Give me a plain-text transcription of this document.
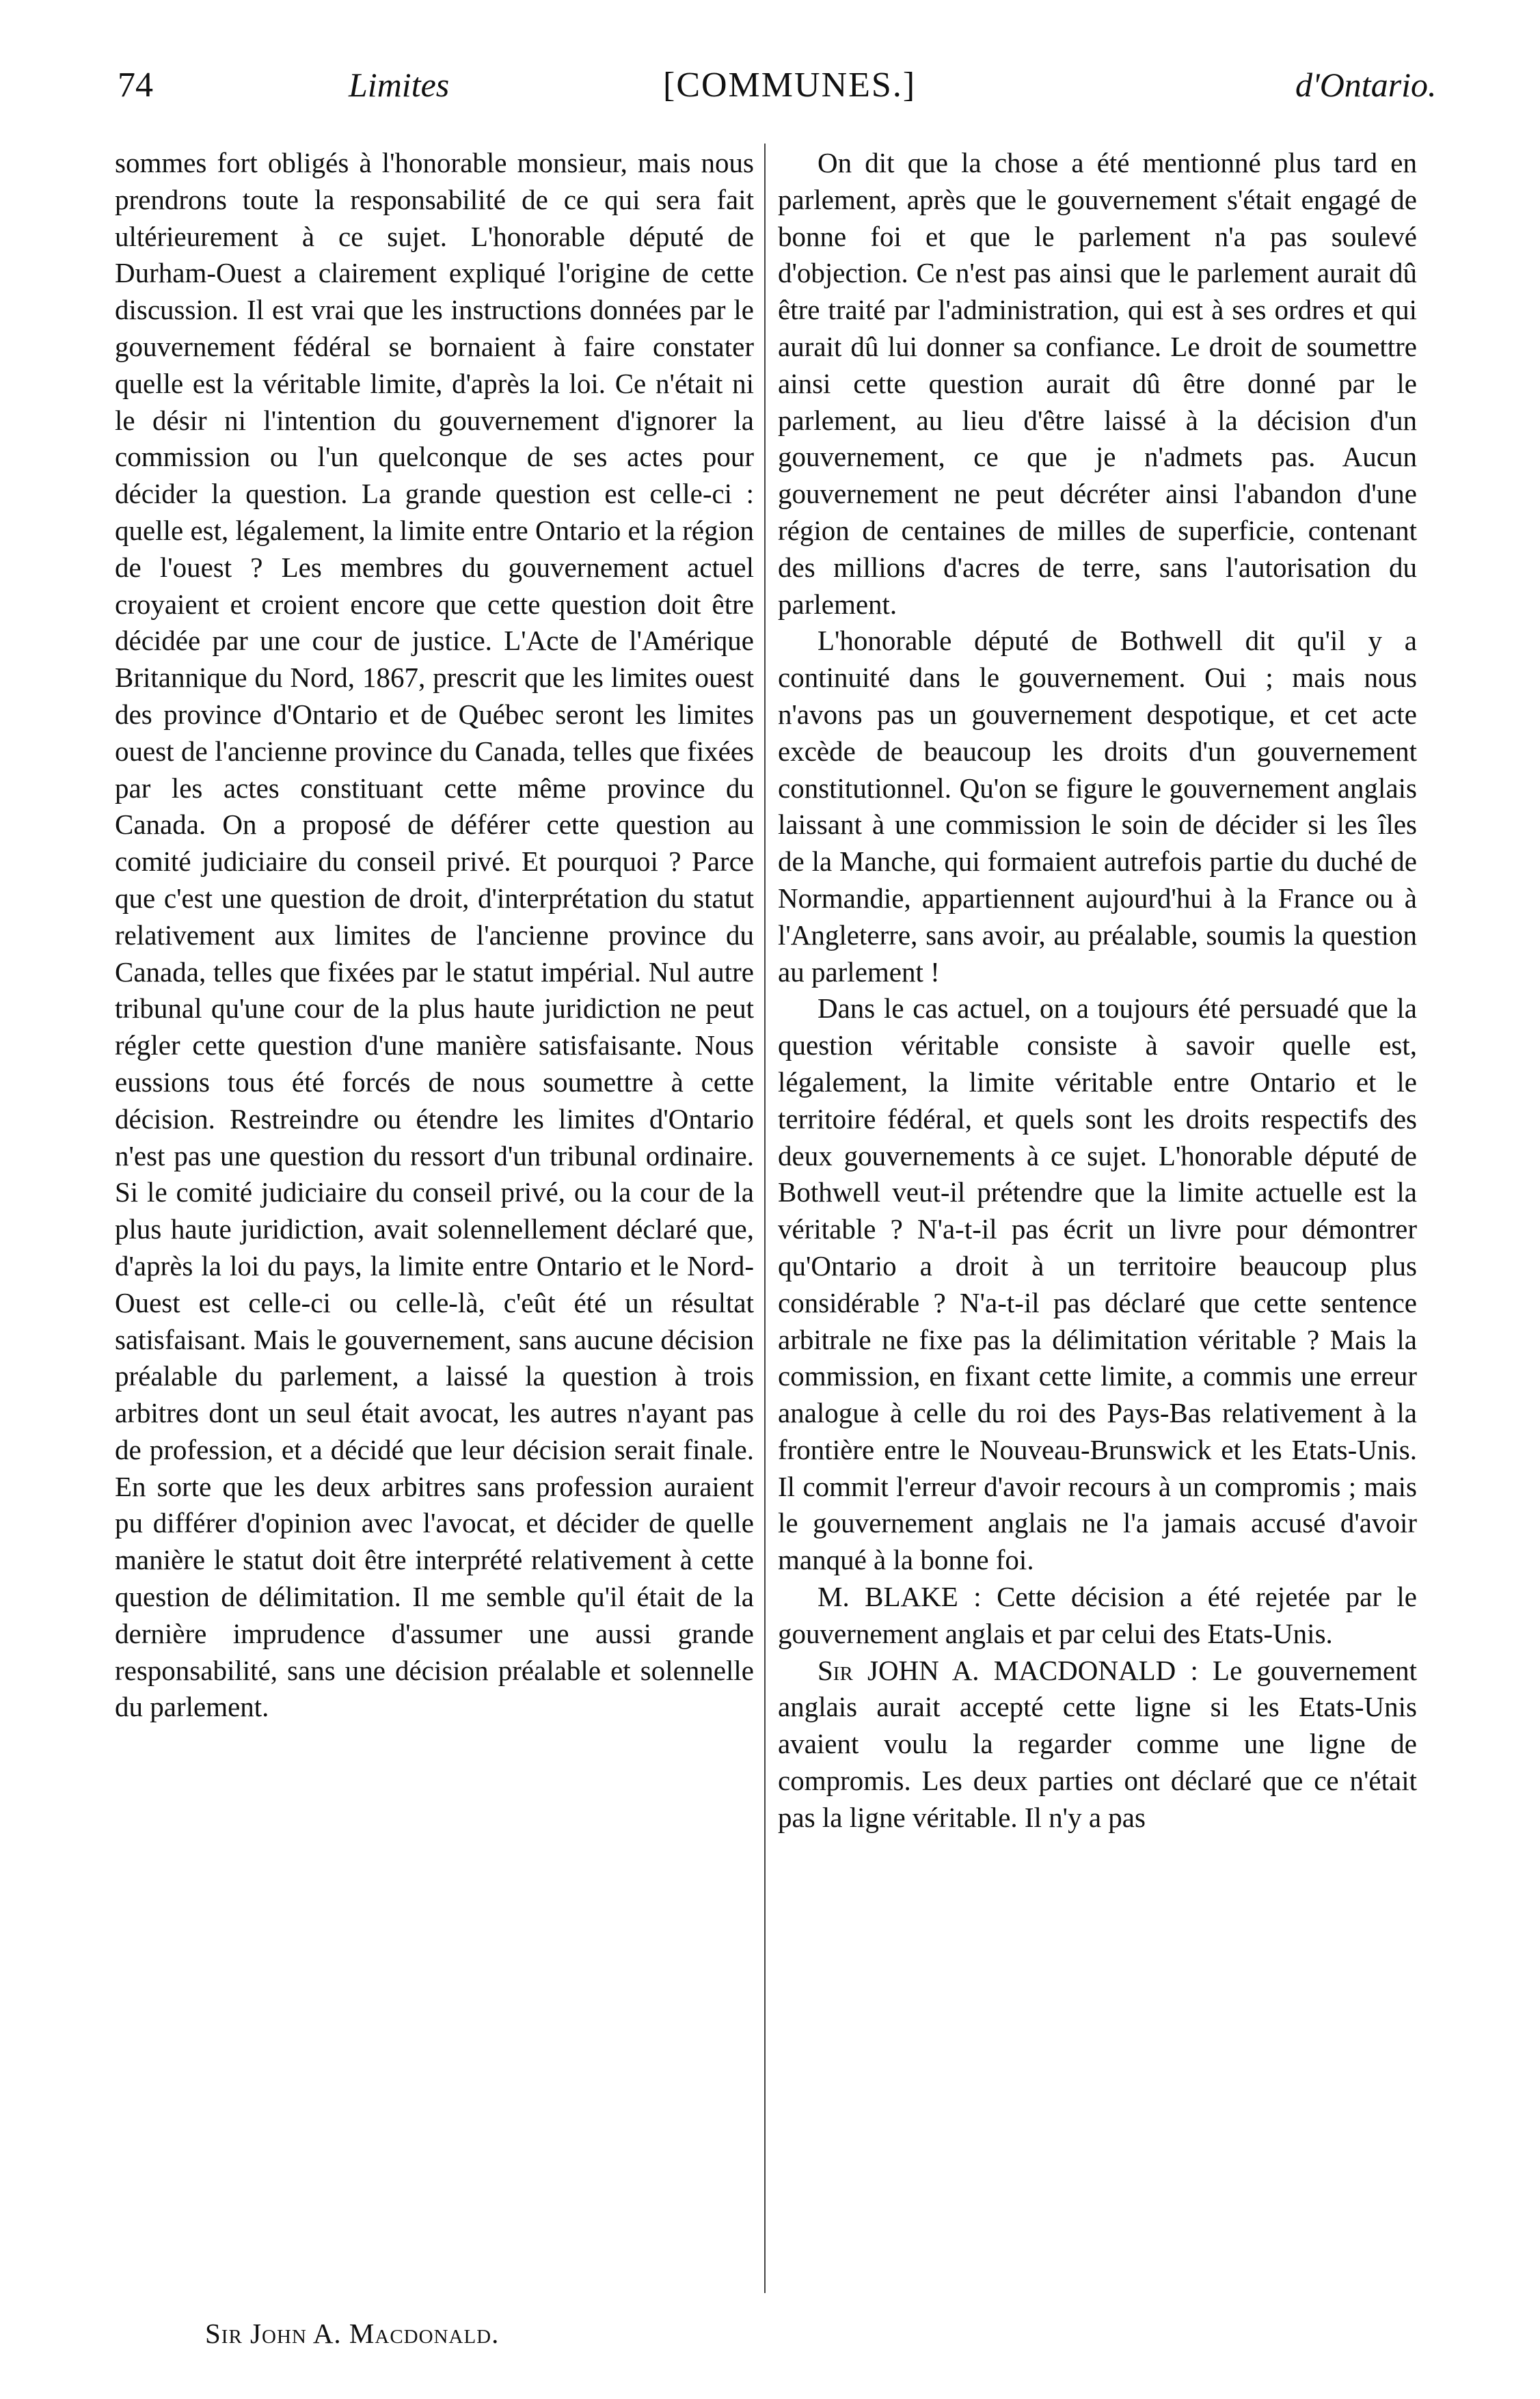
74	Limites	[COMMUNES.]	d'Ontario.

sommes fort obligés à l'honorable monsieur, mais nous prendrons toute la responsabilité de ce qui sera fait ultérieurement à ce sujet. L'honorable député de Durham-Ouest a clairement expliqué l'origine de cette discussion. Il est vrai que les instructions données par le gouvernement fédéral se bornaient à faire constater quelle est la véritable limite, d'après la loi. Ce n'était ni le désir ni l'intention du gouvernement d'ignorer la commission ou l'un quelconque de ses actes pour décider la question. La grande question est celle-ci : quelle est, légalement, la limite entre Ontario et la région de l'ouest ? Les membres du gouvernement actuel croyaient et croient encore que cette question doit être décidée par une cour de justice. L'Acte de l'Amérique Britannique du Nord, 1867, prescrit que les limites ouest des province d'Ontario et de Québec seront les limites ouest de l'ancienne province du Canada, telles que fixées par les actes constituant cette même province du Canada. On a proposé de déférer cette question au comité judiciaire du conseil privé. Et pourquoi ? Parce que c'est une question de droit, d'interprétation du statut relativement aux limites de l'ancienne province du Canada, telles que fixées par le statut impérial. Nul autre tribunal qu'une cour de la plus haute juridiction ne peut régler cette question d'une manière satisfaisante. Nous eussions tous été forcés de nous soumettre à cette décision. Restreindre ou étendre les limites d'Ontario n'est pas une question du ressort d'un tribunal ordinaire. Si le comité judiciaire du conseil privé, ou la cour de la plus haute juridiction, avait solennellement déclaré que, d'après la loi du pays, la limite entre Ontario et le Nord-Ouest est celle-ci ou celle-là, c'eût été un résultat satisfaisant. Mais le gouvernement, sans aucune décision préalable du parlement, a laissé la question à trois arbitres dont un seul était avocat, les autres n'ayant pas de profession, et a décidé que leur décision serait finale. En sorte que les deux arbitres sans profession auraient pu différer d'opinion avec l'avocat, et décider de quelle manière le statut doit être interprété relativement à cette question de délimitation. Il me semble qu'il était de la dernière imprudence d'assumer une aussi grande responsabilité, sans une décision préalable et solennelle du parlement.

On dit que la chose a été mentionné plus tard en parlement, après que le gouvernement s'était engagé de bonne foi et que le parlement n'a pas soulevé d'objection. Ce n'est pas ainsi que le parlement aurait dû être traité par l'administration, qui est à ses ordres et qui aurait dû lui donner sa confiance. Le droit de soumettre ainsi cette question aurait dû être donné par le parlement, au lieu d'être laissé à la décision d'un gouvernement, ce que je n'admets pas. Aucun gouvernement ne peut décréter ainsi l'abandon d'une région de centaines de milles de superficie, contenant des millions d'acres de terre, sans l'autorisation du parlement.

L'honorable député de Bothwell dit qu'il y a continuité dans le gouvernement. Oui ; mais nous n'avons pas un gouvernement despotique, et cet acte excède de beaucoup les droits d'un gouvernement constitutionnel. Qu'on se figure le gouvernement anglais laissant à une commission le soin de décider si les îles de la Manche, qui formaient autrefois partie du duché de Normandie, appartiennent aujourd'hui à la France ou à l'Angleterre, sans avoir, au préalable, soumis la question au parlement !

Dans le cas actuel, on a toujours été persuadé que la question véritable consiste à savoir quelle est, légalement, la limite véritable entre Ontario et le territoire fédéral, et quels sont les droits respectifs des deux gouvernements à ce sujet. L'honorable député de Bothwell veut-il prétendre que la limite actuelle est la véritable ? N'a-t-il pas écrit un livre pour démontrer qu'Ontario a droit à un territoire beaucoup plus considérable ? N'a-t-il pas déclaré que cette sentence arbitrale ne fixe pas la délimitation véritable ? Mais la commission, en fixant cette limite, a commis une erreur analogue à celle du roi des Pays-Bas relativement à la frontière entre le Nouveau-Brunswick et les Etats-Unis. Il commit l'erreur d'avoir recours à un compromis ; mais le gouvernement anglais ne l'a jamais accusé d'avoir manqué à la bonne foi.

M. BLAKE : Cette décision a été rejetée par le gouvernement anglais et par celui des Etats-Unis.

Sir JOHN A. MACDONALD : Le gouvernement anglais aurait accepté cette ligne si les Etats-Unis avaient voulu la regarder comme une ligne de compromis. Les deux parties ont déclaré que ce n'était pas la ligne véritable. Il n'y a pas

Sir John A. Macdonald.
